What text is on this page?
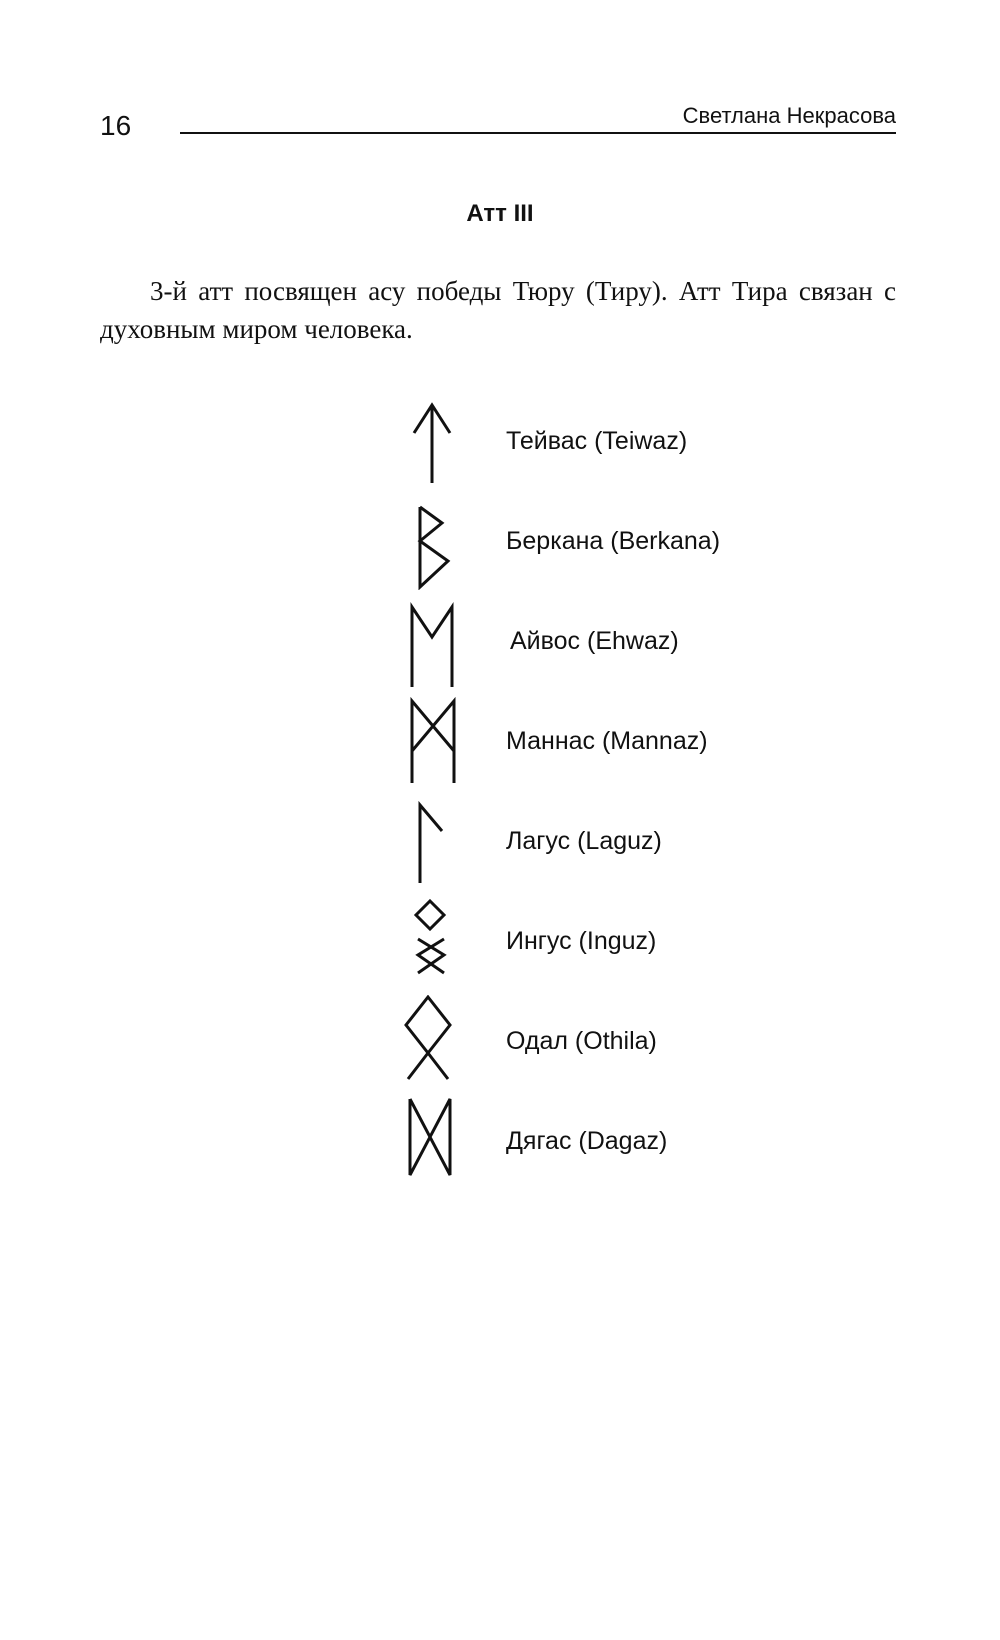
16	Светлана Некрасова
Атт III

3-й атт посвящен асу победы Тюру (Тиру). Атт Тира связан с духовным миром человека.

Тейвас (Teiwaz)
Беркана (Berkana)
Айвос (Ehwaz)
Маннас (Mannaz)
Лагус (Laguz)
Ингус (Inguz)
Одал (Othila)
Дягас (Dagaz)
